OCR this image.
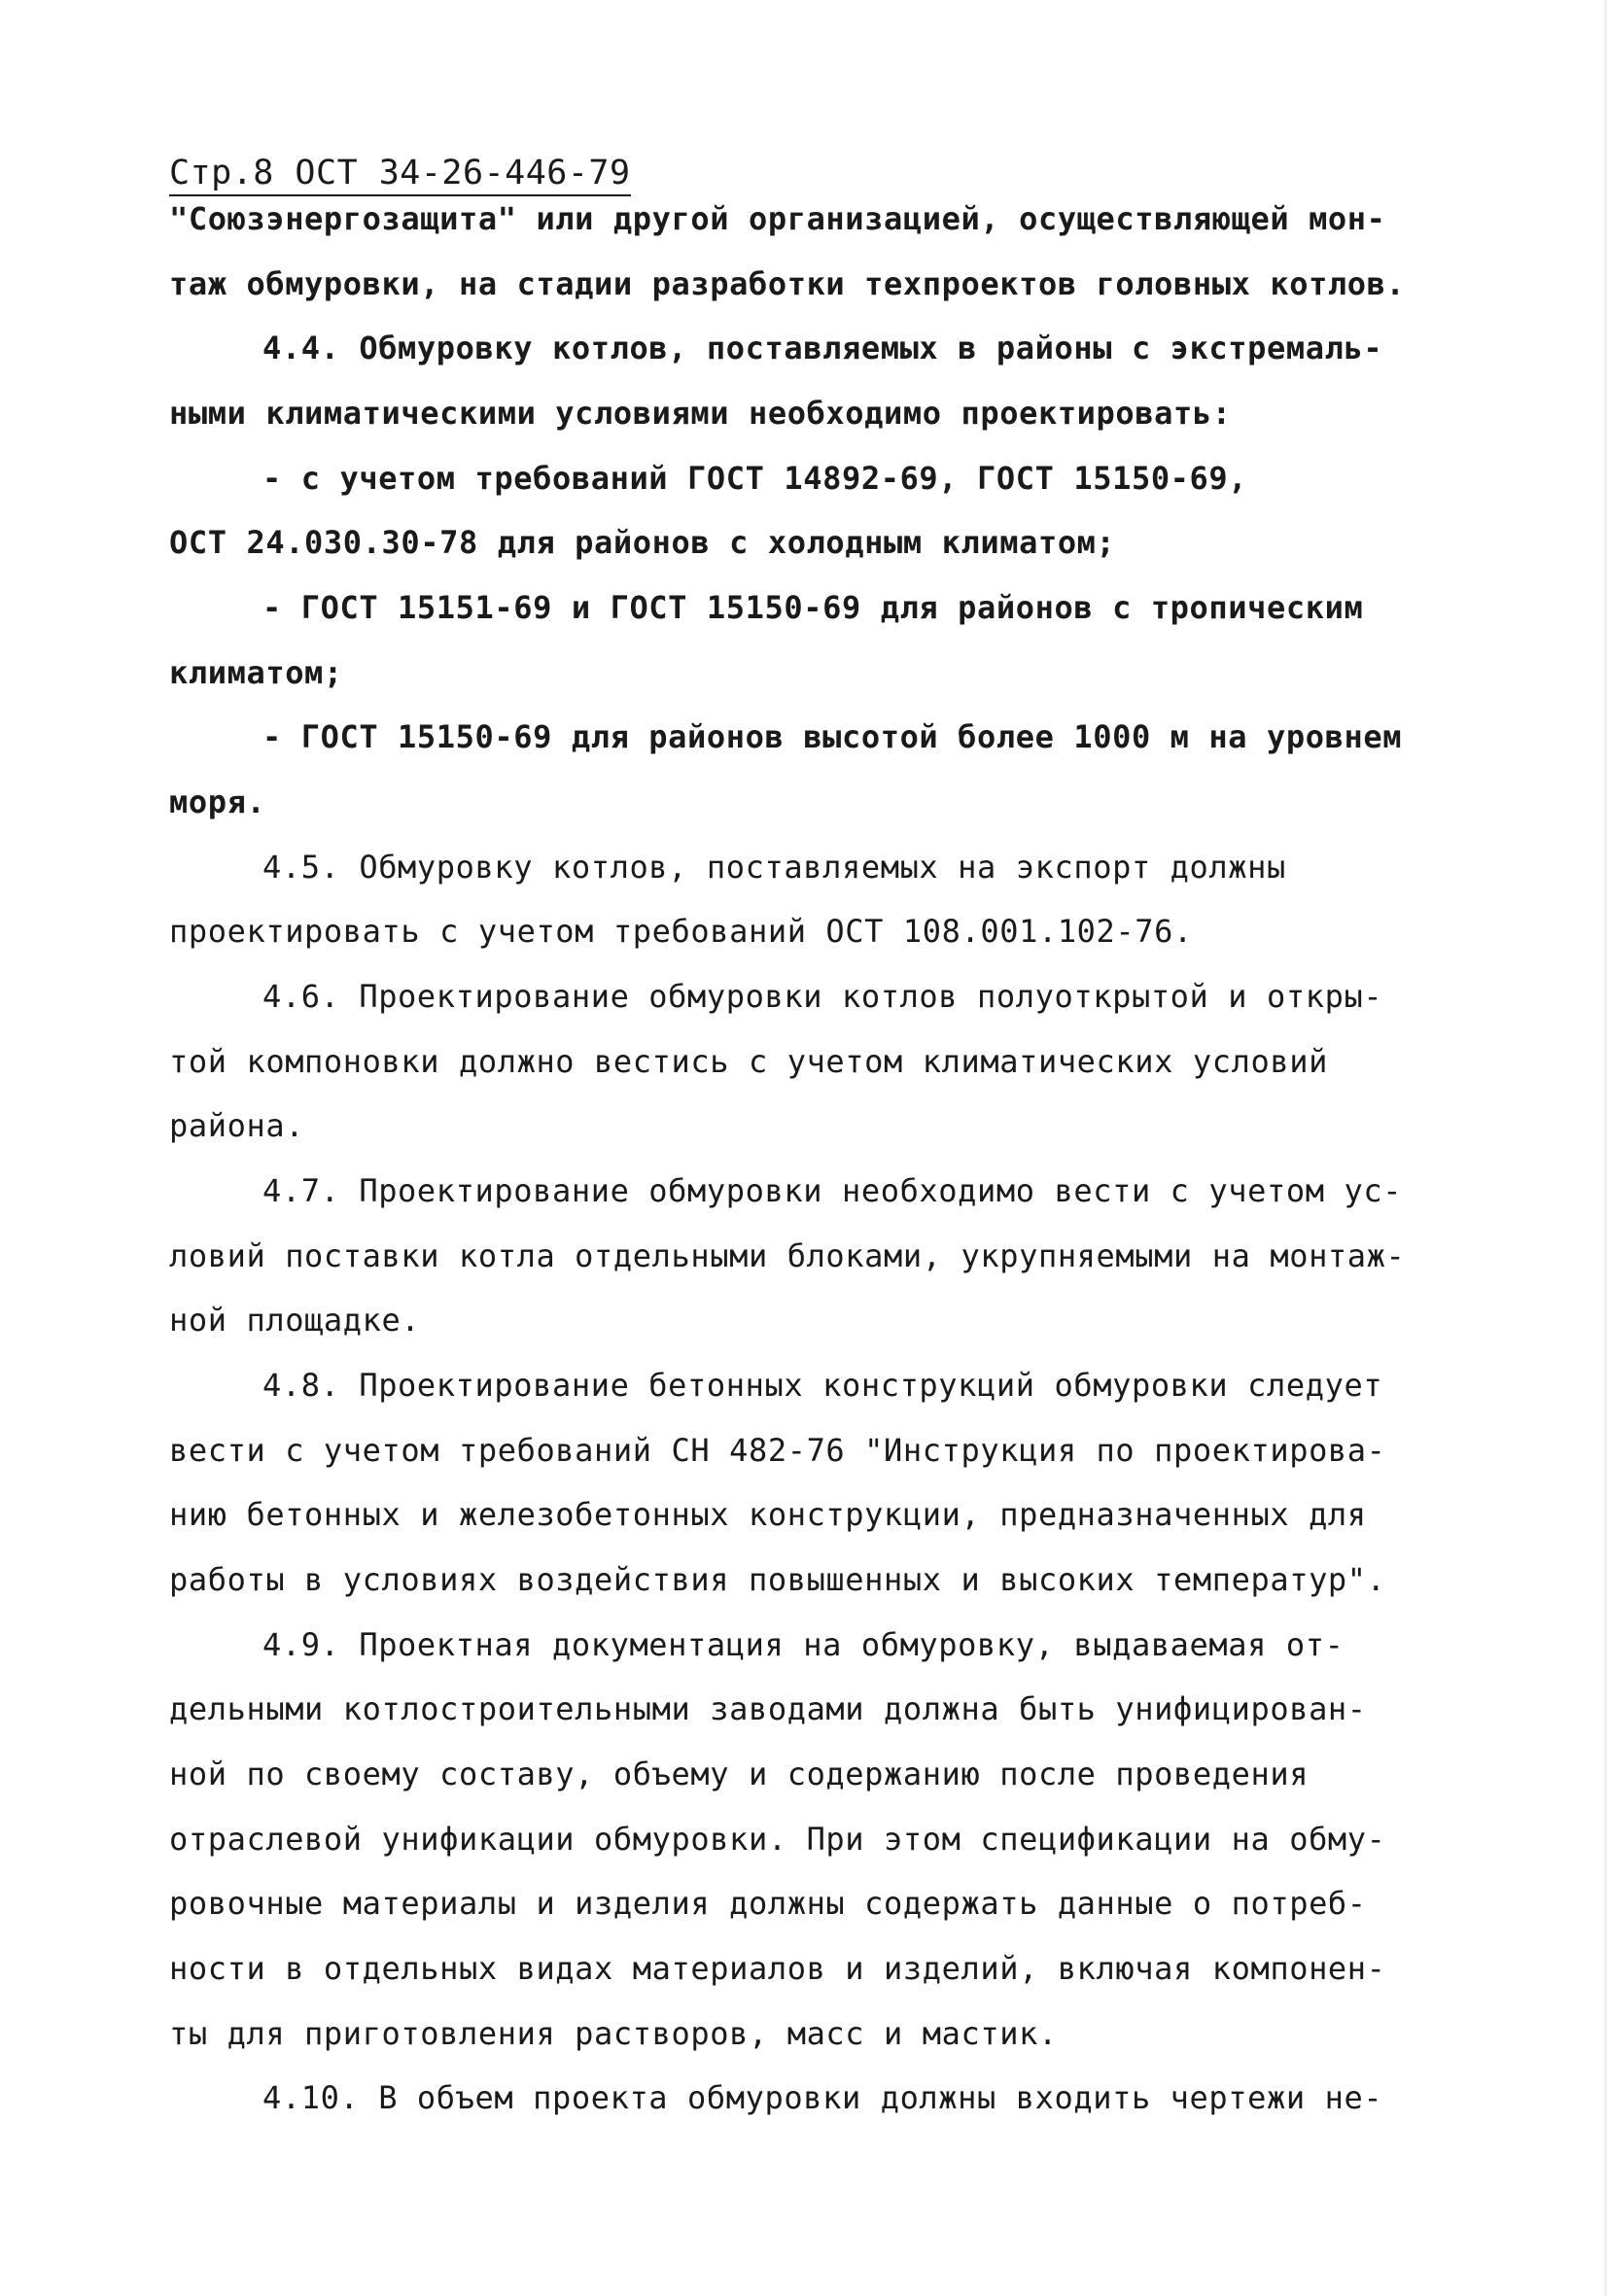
Стр.8 ОСТ 34-26-446-79
"Союзэнергозащита" или другой организацией, осуществляющей мон-
таж обмуровки, на стадии разработки техпроектов головных котлов.
4.4. Обмуровку котлов, поставляемых в районы с экстремаль-
ными климатическими условиями необходимо проектировать:
- с учетом требований ГОСТ 14892-69, ГОСТ 15150-69,
ОСТ 24.030.30-78 для районов с холодным климатом;
- ГОСТ 15151-69 и ГОСТ 15150-69 для районов с тропическим
климатом;
- ГОСТ 15150-69 для районов высотой более 1000 м на уровнем
моря.
4.5. Обмуровку котлов, поставляемых на экспорт должны
проектировать с учетом требований ОСТ 108.001.102-76.
4.6. Проектирование обмуровки котлов полуоткрытой и откры-
той компоновки должно вестись с учетом климатических условий
района.
4.7. Проектирование обмуровки необходимо вести с учетом ус-
ловий поставки котла отдельными блоками, укрупняемыми на монтаж-
ной площадке.
4.8. Проектирование бетонных конструкций обмуровки следует
вести с учетом требований СН 482-76 "Инструкция по проектирова-
нию бетонных и железобетонных конструкции, предназначенных для
работы в условиях воздействия повышенных и высоких температур".
4.9. Проектная документация на обмуровку, выдаваемая от-
дельными котлостроительными заводами должна быть унифицирован-
ной по своему составу, объему и содержанию после проведения
отраслевой унификации обмуровки. При этом спецификации на обму-
ровочные материалы и изделия должны содержать данные о потреб-
ности в отдельных видах материалов и изделий, включая компонен-
ты для приготовления растворов, масс и мастик.
4.10. В объем проекта обмуровки должны входить чертежи не-
